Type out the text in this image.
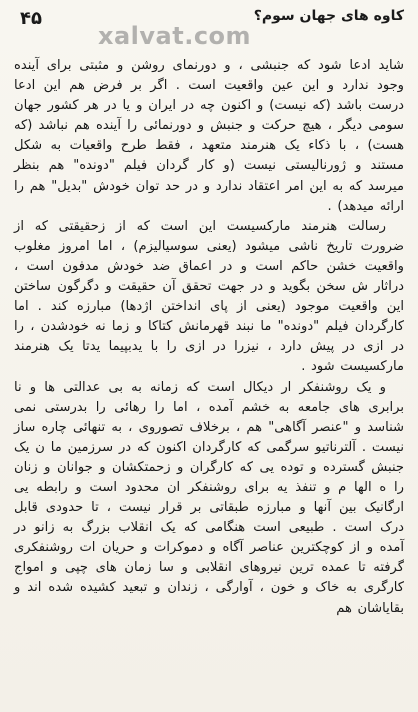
۴۵	کاوه های جهان سوم؟
xalvat.com

شاید ادعا شود که جنبشی ، و دورنمای روشن و مثبتی برای آینده وجود ندارد و این عین واقعیت است . اگر بر فرض هم این ادعا درست باشد (که نیست) و اکنون چه در ایران و یا در هر کشور جهان سومی دیگر ، هیچ حرکت و جنبش و دورنمائی را آینده هم نباشد (که هست) ، با ذکاء یک هنرمند متعهد ، فقط طرح واقعیات به شکل مستند و ژورنالیستی نیست (و کار گردان فیلم "دونده" هم بنظر میرسد که به این امر اعتقاد ندارد و در حد توان خودش "بدیل" هم را ارائه میدهد) .

رسالت هنرمند مارکسیست این است که از زحقیقتی که از ضرورت تاریخ ناشی میشود (یعنی سوسیالیزم) ، اما امروز مغلوب واقعیت خشن حاکم است و در اعماق ضد خودش مدفون است ، دراثار ش سخن بگوید و در جهت تحقق آن حقیقت و دگرگون ساختن این واقعیت موجود (یعنی از پای انداختن اژدها) مبارزه کند . اما کارگردان فیلم "دونده" ما نبند قهرمانش کتاکا و زما نه خودشدن ، را در ازی در پیش دارد ، نیزرا در ازی را با یدبپیما یدتا یک هنرمند مارکسیست شود .

و یک روشنفکر ار دیکال است که زمانه به بی عدالتی ها و نا برابری های جامعه به خشم آمده ، اما را رهائی را بدرستی نمی شناسد و "عنصر آگاهی" هم ، برخلاف تصوروی ، به تنهائی چاره ساز نیست . آلترناتیو سرگمی که کارگردان اکنون که در سرزمین ما ن یک جنبش گسترده و توده یی که کارگران و زحمتکشان و جوانان و زنان را ه الها م و تنفذ یه برای روشنفکر ان محدود است و رابطه یی ارگانیک بین آنها و مبارزه طبقاتی بر قرار نیست ، تا حدودی قابل درک است . طبیعی است هنگامی که یک انقلاب بزرگ به زانو در آمده و از کوچکترین عناصر آگاه و دموکرات و حریان ات روشنفکری گرفته تا عمده ترین نیروهای انقلابی و سا زمان های چپی و امواج کارگری به خاک و خون ، آوارگی ، زندان و تبعید کشیده شده اند و بقایاشان هم
